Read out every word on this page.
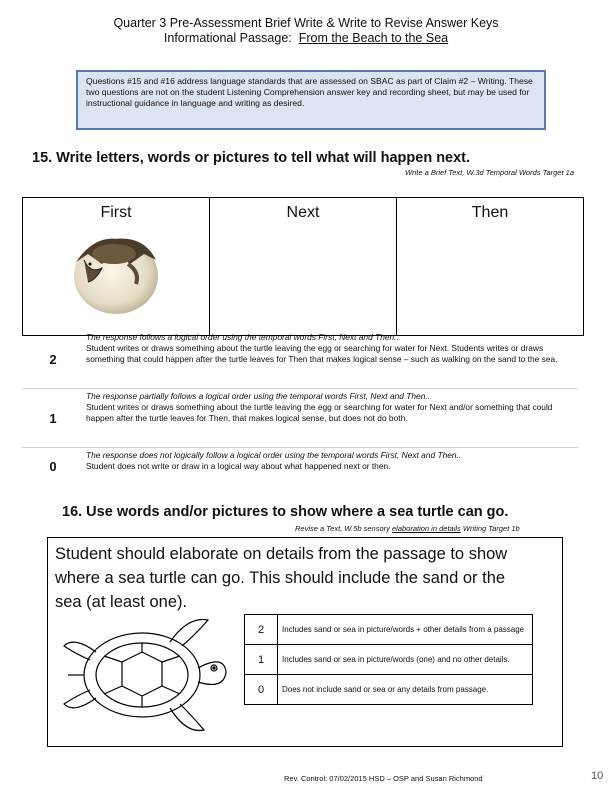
Quarter 3 Pre-Assessment Brief Write & Write to Revise Answer Keys
Informational Passage: From the Beach to the Sea
Questions #15 and #16 address language standards that are assessed on SBAC as part of Claim #2 – Writing. These two questions are not on the student Listening Comprehension answer key and recording sheet, but may be used for instructional guidance in language and writing as desired.
15. Write letters, words or pictures to tell what will happen next.
Write a Brief Text, W.3d Temporal Words Target 1a
First	Next	Then
2
The response follows a logical order using the temporal words First, Next and Then..
Student writes or draws something about the turtle leaving the egg or searching for water for Next. Students writes or draws something that could happen after the turtle leaves for Then that makes logical sense – such as walking on the sand to the sea.
1
The response partially follows a logical order using the temporal words First, Next and Then..
Student writes or draws something about the turtle leaving the egg or searching for water for Next and/or something that could happen after the turtle leaves for Then, that makes logical sense, but does not do both.
0
The response does not logically follow a logical order using the temporal words First, Next and Then..
Student does not write or draw in a logical way about what happened next or then.
16. Use words and/or pictures to show where a sea turtle can go.
Revise a Text, W.5b sensory elaboration in details Writing Target 1b
Student should elaborate on details from the passage to show where a sea turtle can go. This should include the sand or the sea (at least one).
2	Includes sand or sea in picture/words + other details from a passage
1	Includes sand or sea in picture/words (one) and no other details.
0	Does not include sand or sea or any details from passage.
Rev. Control: 07/02/2015 HSD – OSP and Susan Richmond	10
